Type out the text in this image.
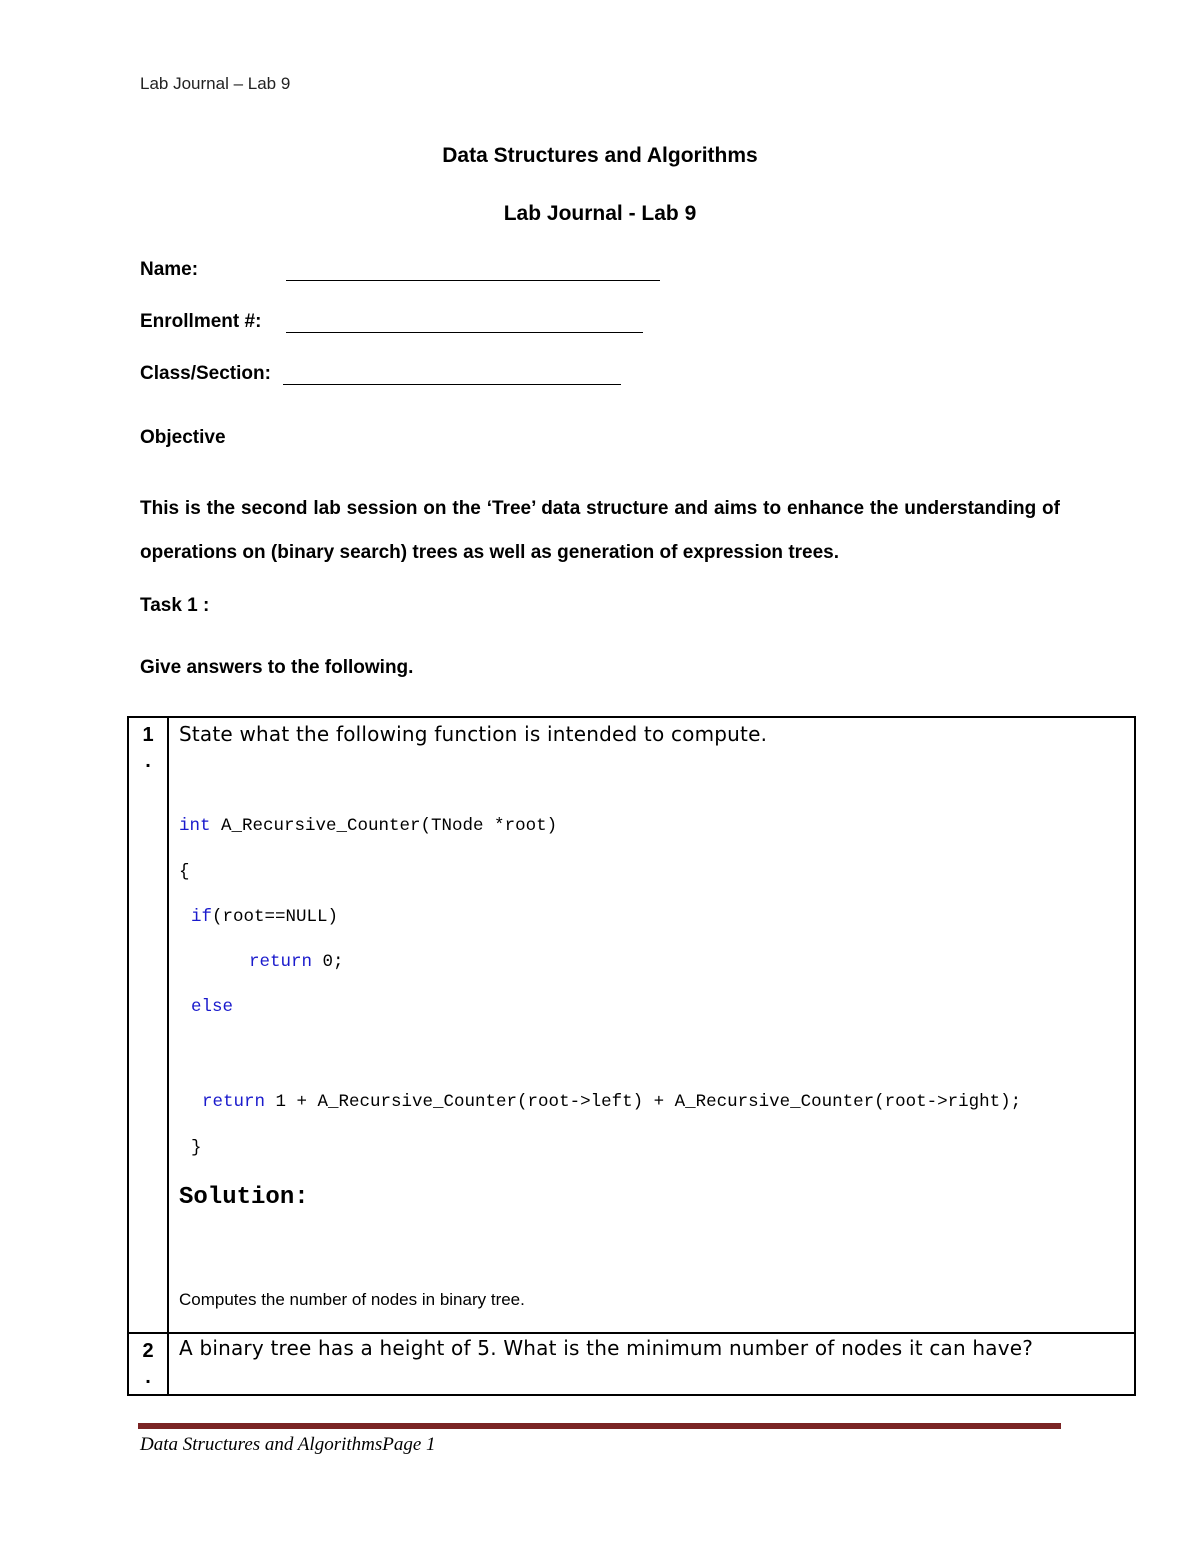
Lab Journal – Lab 9
Data Structures and Algorithms
Lab Journal - Lab 9
Name:
Enrollment #:
Class/Section:
Objective
This is the second lab session on the ‘Tree’ data structure and aims to enhance the understanding of operations on (binary search) trees as well as generation of expression trees.
Task 1 :
Give answers to the following.
1
.
State what the following function is intended to compute.
int A_Recursive_Counter(TNode *root)
{
if(root==NULL)
return 0;
else
return 1 + A_Recursive_Counter(root->left) + A_Recursive_Counter(root->right);
}
Solution:
Computes the number of nodes in binary tree.
2
.
A binary tree has a height of 5. What is the minimum number of nodes it can have?
Data Structures and AlgorithmsPage 1
